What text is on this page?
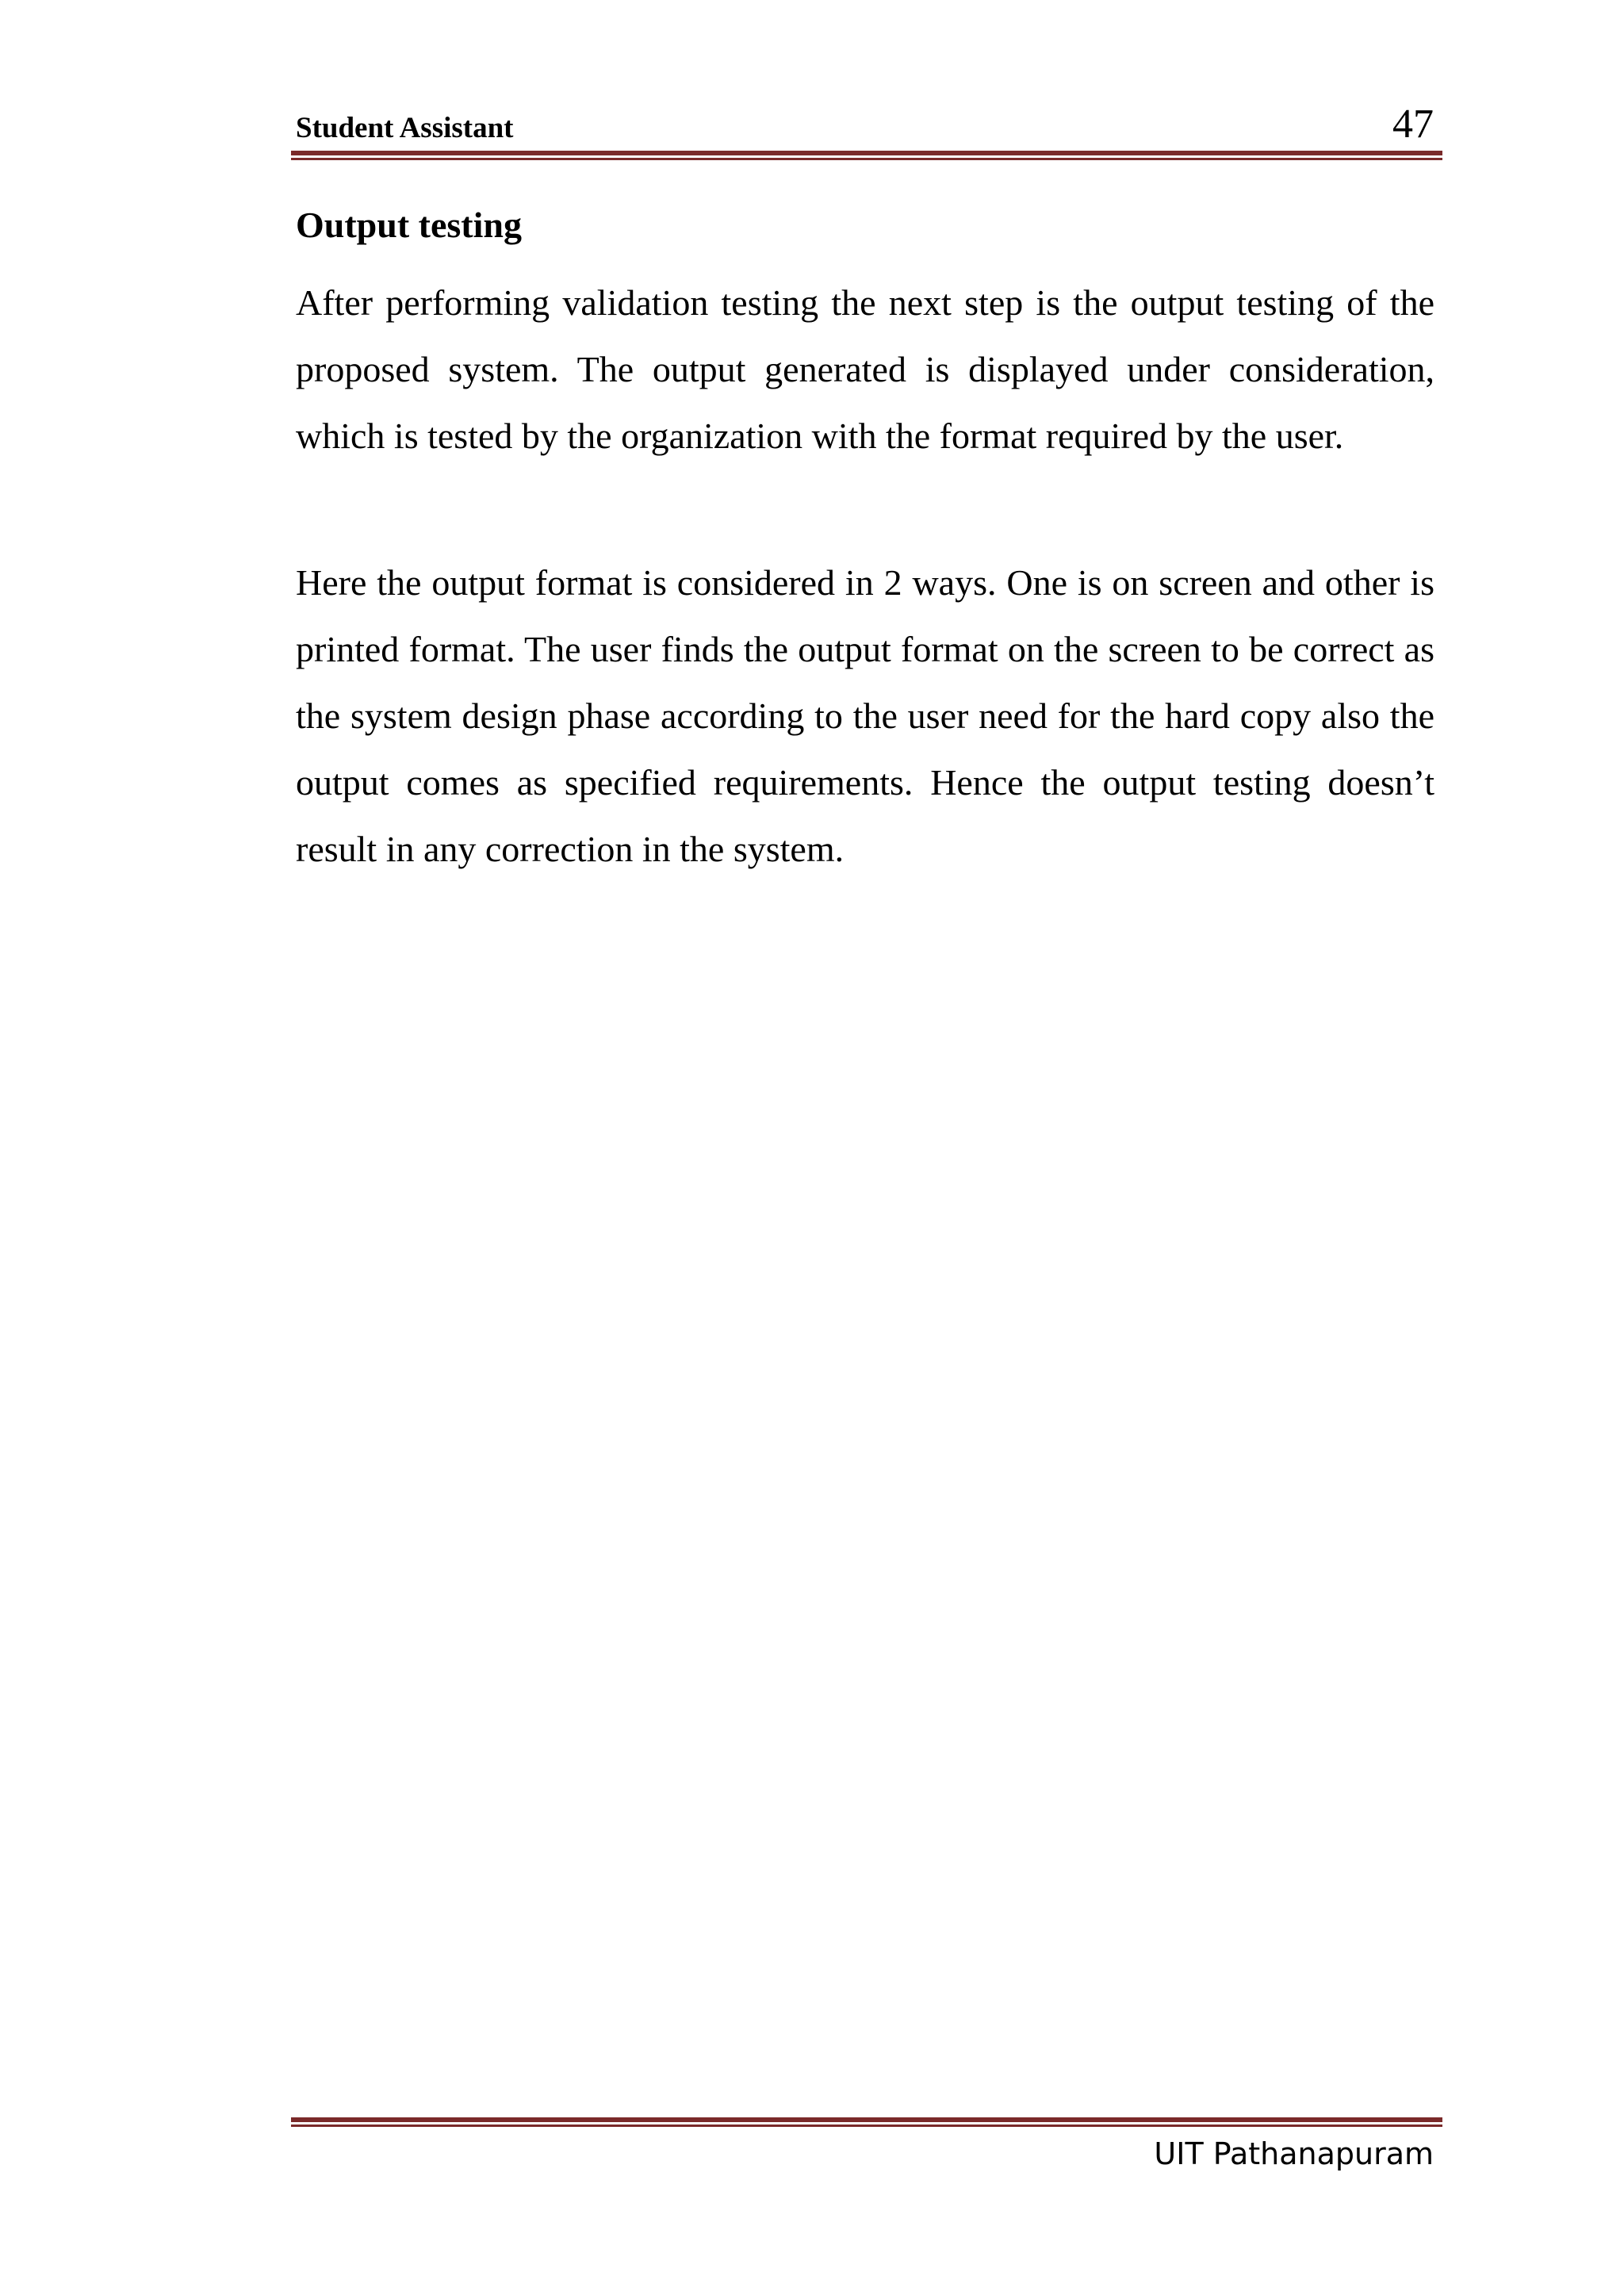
Student Assistant	47
Output testing

After performing validation testing the next step is the output testing of the proposed system. The output generated is displayed under consideration, which is tested by the organization with the format required by the user.

Here the output format is considered in 2 ways. One is on screen and other is printed format. The user finds the output format on the screen to be correct as the system design phase according to the user need for the hard copy also the output comes as specified requirements. Hence the output testing doesn’t result in any correction in the system.

UIT Pathanapuram
